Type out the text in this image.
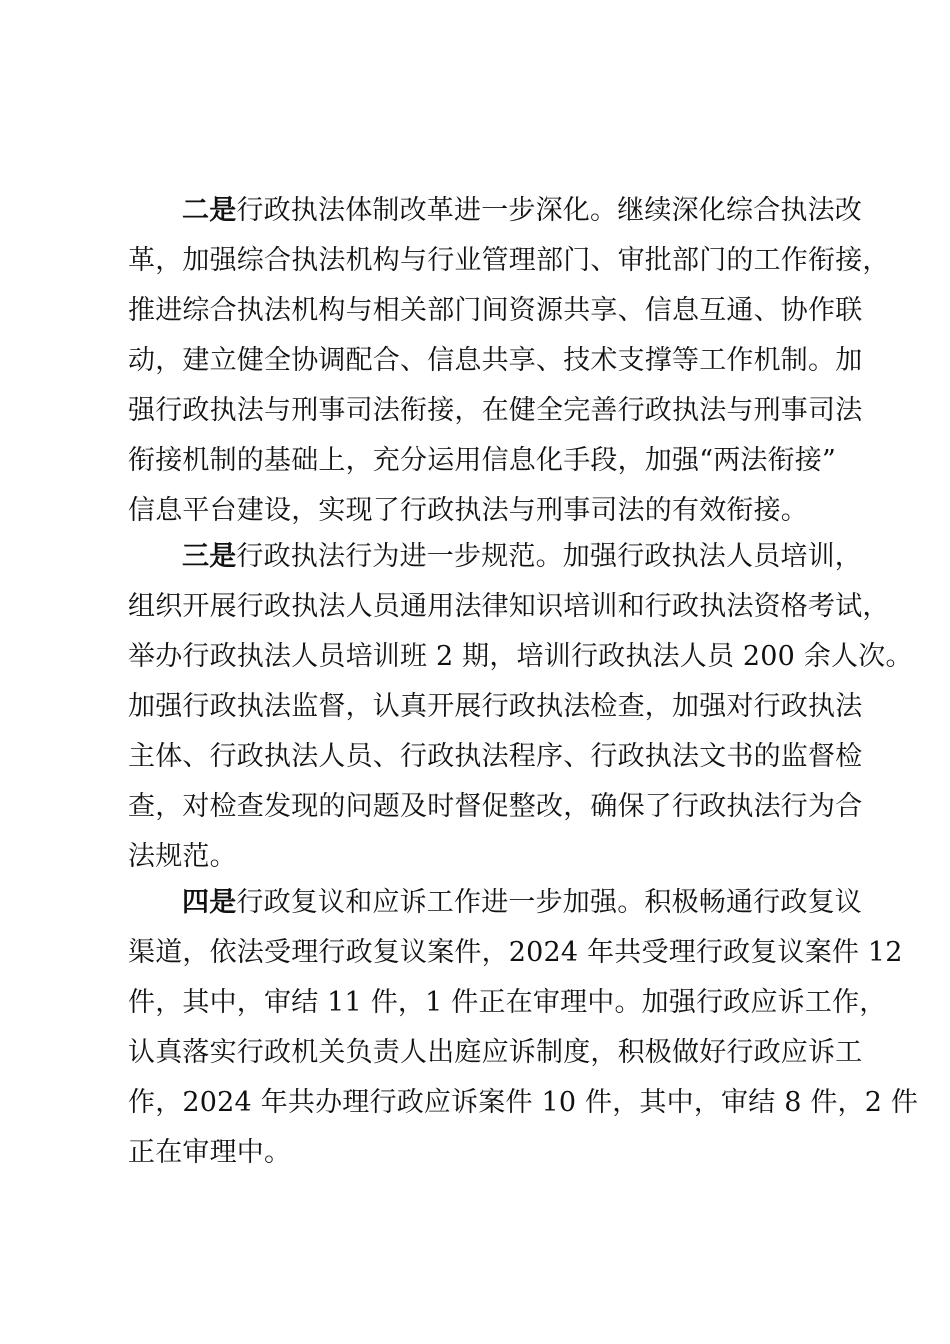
二是行政执法体制改革进一步深化。继续深化综合执法改
革，加强综合执法机构与行业管理部门、审批部门的工作衔接，
推进综合执法机构与相关部门间资源共享、信息互通、协作联
动，建立健全协调配合、信息共享、技术支撑等工作机制。加
强行政执法与刑事司法衔接，在健全完善行政执法与刑事司法
衔接机制的基础上，充分运用信息化手段，加强“两法衔接”
信息平台建设，实现了行政执法与刑事司法的有效衔接。
三是行政执法行为进一步规范。加强行政执法人员培训，
组织开展行政执法人员通用法律知识培训和行政执法资格考试，
举办行政执法人员培训班 2 期，培训行政执法人员 200 余人次。
加强行政执法监督，认真开展行政执法检查，加强对行政执法
主体、行政执法人员、行政执法程序、行政执法文书的监督检
查，对检查发现的问题及时督促整改，确保了行政执法行为合
法规范。
四是行政复议和应诉工作进一步加强。积极畅通行政复议
渠道，依法受理行政复议案件，2024 年共受理行政复议案件 12
件，其中，审结 11 件，1 件正在审理中。加强行政应诉工作，
认真落实行政机关负责人出庭应诉制度，积极做好行政应诉工
作，2024 年共办理行政应诉案件 10 件，其中，审结 8 件，2 件
正在审理中。
